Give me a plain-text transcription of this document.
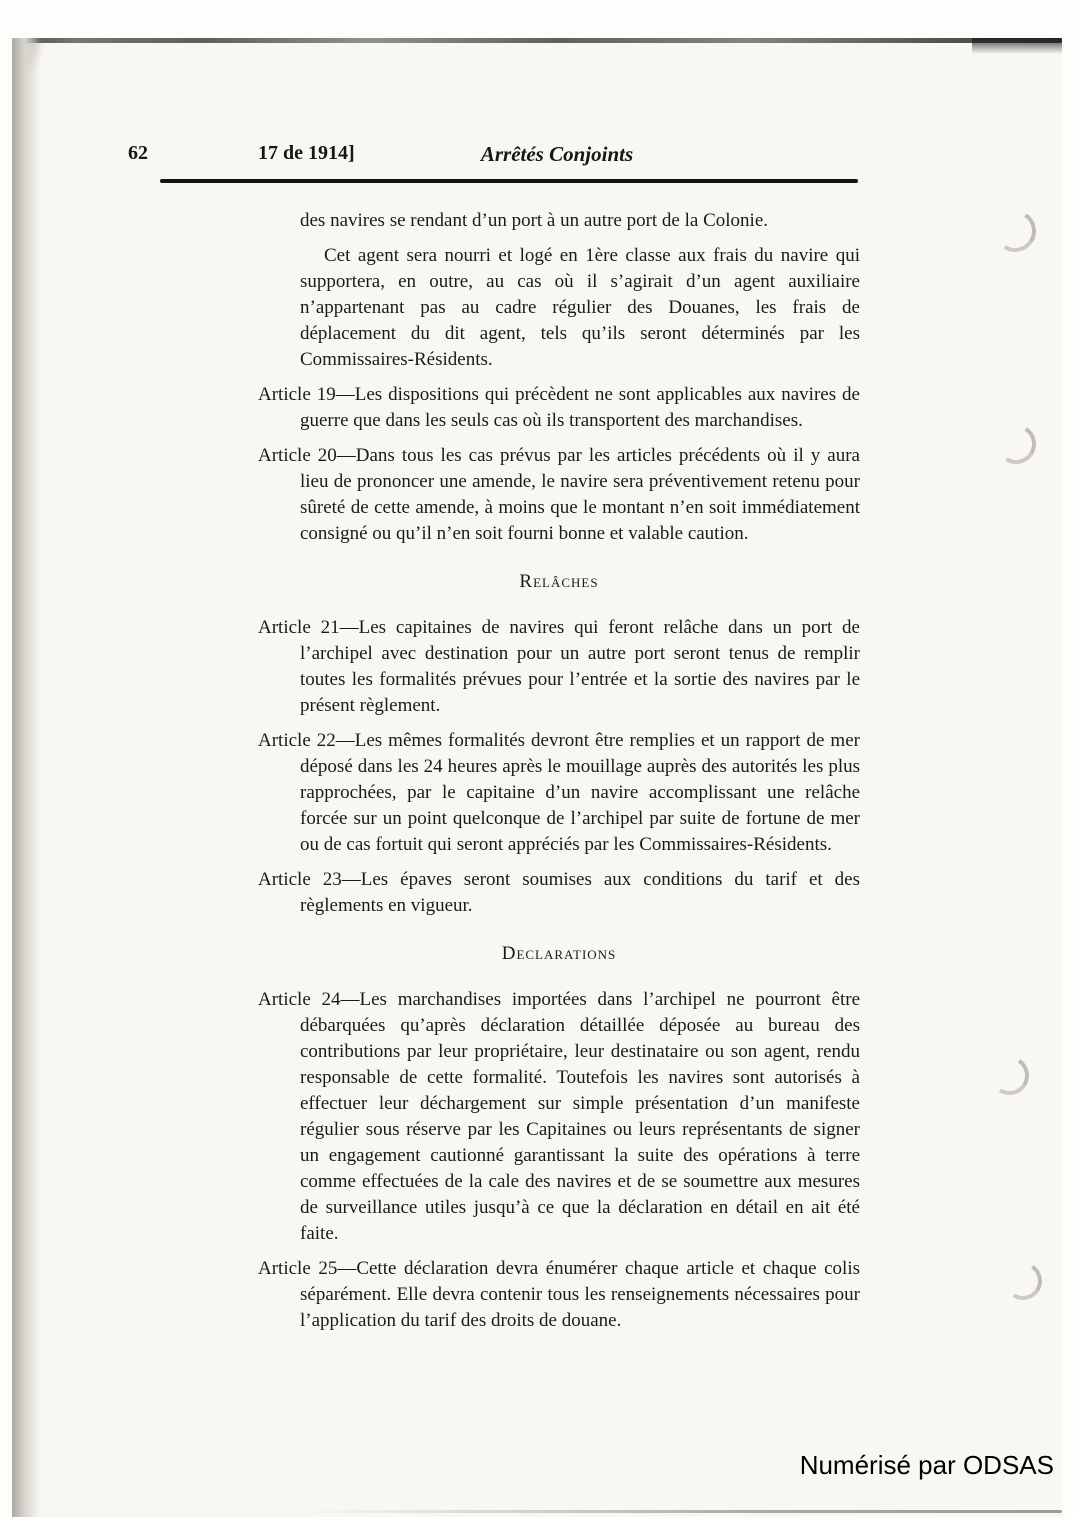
62	17 de 1914]	Arrêtés Conjoints

des navires se rendant d’un port à un autre port de la Colonie.

Cet agent sera nourri et logé en 1ère classe aux frais du navire qui supportera, en outre, au cas où il s’agirait d’un agent auxiliaire n’appartenant pas au cadre régulier des Douanes, les frais de déplacement du dit agent, tels qu’ils seront déterminés par les Commissaires-Résidents.

Article 19—Les dispositions qui précèdent ne sont applicables aux navires de guerre que dans les seuls cas où ils transportent des marchandises.

Article 20—Dans tous les cas prévus par les articles précédents où il y aura lieu de prononcer une amende, le navire sera préventivement retenu pour sûreté de cette amende, à moins que le montant n’en soit immédiatement consigné ou qu’il n’en soit fourni bonne et valable caution.

Relâches

Article 21—Les capitaines de navires qui feront relâche dans un port de l’archipel avec destination pour un autre port seront tenus de remplir toutes les formalités prévues pour l’entrée et la sortie des navires par le présent règlement.

Article 22—Les mêmes formalités devront être remplies et un rapport de mer déposé dans les 24 heures après le mouillage auprès des autorités les plus rapprochées, par le capitaine d’un navire accomplissant une relâche forcée sur un point quelconque de l’archipel par suite de fortune de mer ou de cas fortuit qui seront appréciés par les Commissaires-Résidents.

Article 23—Les épaves seront soumises aux conditions du tarif et des règlements en vigueur.

Declarations

Article 24—Les marchandises importées dans l’archipel ne pourront être débarquées qu’après déclaration détaillée déposée au bureau des contributions par leur propriétaire, leur destinataire ou son agent, rendu responsable de cette formalité. Toutefois les navires sont autorisés à effectuer leur déchargement sur simple présentation d’un manifeste régulier sous réserve par les Capitaines ou leurs représentants de signer un engagement cautionné garantissant la suite des opérations à terre comme effectuées de la cale des navires et de se soumettre aux mesures de surveillance utiles jusqu’à ce que la déclaration en détail en ait été faite.

Article 25—Cette déclaration devra énumérer chaque article et chaque colis séparément. Elle devra contenir tous les renseignements nécessaires pour l’application du tarif des droits de douane.

Numérisé par ODSAS
